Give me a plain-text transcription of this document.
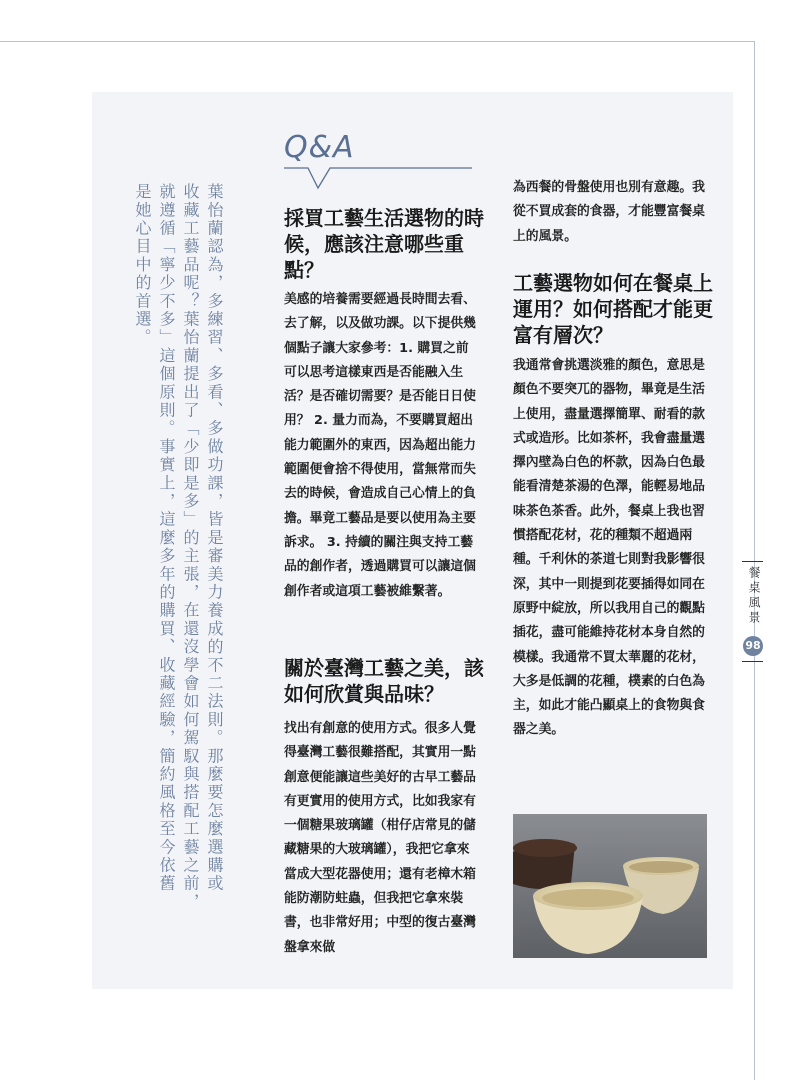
葉怡蘭認為，多練習、多看、多做功課，皆是審美力養成的不二法則。那麼要怎麼選購或
收藏工藝品呢？葉怡蘭提出了「少即是多」的主張，在還沒學會如何駕馭與搭配工藝之前，
就遵循「寧少不多」這個原則。事實上，這麼多年的購買、收藏經驗，簡約風格至今依舊
是她心目中的首選。
Q&A
採買工藝生活選物的時候，應該注意哪些重點？
美感的培養需要經過長時間去看、去了解，以及做功課。以下提供幾個點子讓大家參考：1. 購買之前可以思考這樣東西是否能融入生活？是否確切需要？是否能日日使用？ 2. 量力而為，不要購買超出能力範圍外的東西，因為超出能力範圍便會捨不得使用，當無常而失去的時候，會造成自己心情上的負擔。畢竟工藝品是要以使用為主要訴求。 3. 持續的關注與支持工藝品的創作者，透過購買可以讓這個創作者或這項工藝被維繫著。
關於臺灣工藝之美，該如何欣賞與品味？
找出有創意的使用方式。很多人覺得臺灣工藝很難搭配，其實用一點創意便能讓這些美好的古早工藝品有更實用的使用方式，比如我家有一個糖果玻璃罐（柑仔店常見的儲藏糖果的大玻璃罐），我把它拿來當成大型花器使用；還有老樟木箱能防潮防蛀蟲，但我把它拿來裝書，也非常好用；中型的復古臺灣盤拿來做
為西餐的骨盤使用也別有意趣。我從不買成套的食器，才能豐富餐桌上的風景。
工藝選物如何在餐桌上運用？如何搭配才能更富有層次？
我通常會挑選淡雅的顏色，意思是顏色不要突兀的器物，畢竟是生活上使用，盡量選擇簡單、耐看的款式或造形。比如茶杯，我會盡量選擇內壁為白色的杯款，因為白色最能看清楚茶湯的色澤，能輕易地品味茶色茶香。此外，餐桌上我也習慣搭配花材，花的種類不超過兩種。千利休的茶道七則對我影響很深，其中一則提到花要插得如同在原野中綻放，所以我用自己的觀點插花，盡可能維持花材本身自然的模樣。我通常不買太華麗的花材，大多是低調的花種，樸素的白色為主，如此才能凸顯桌上的食物與食器之美。
餐桌風景
98
